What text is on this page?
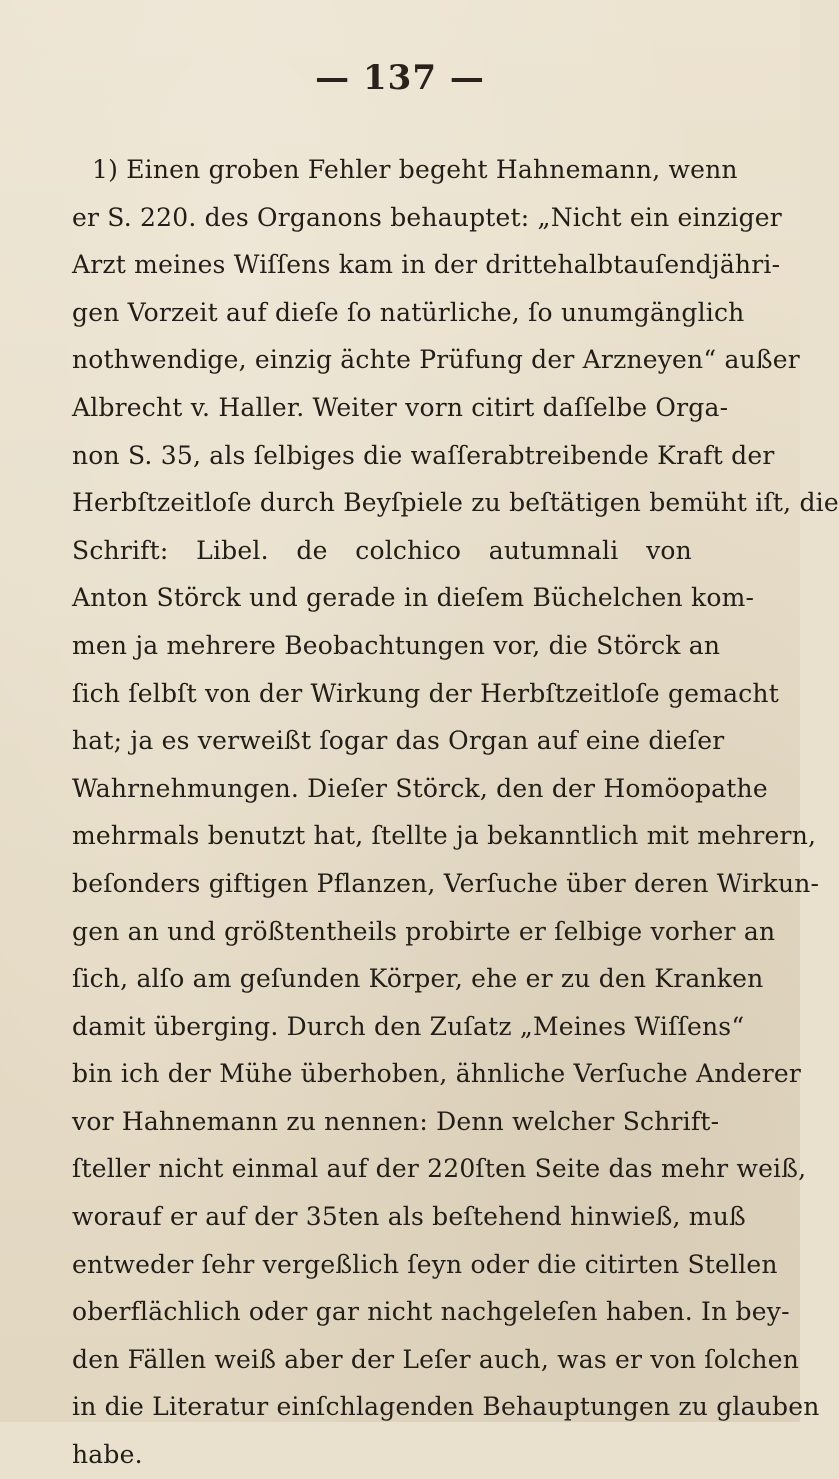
— 137 —
1) Einen groben Fehler begeht Hahnemann, wenn
er S. 220. des Organons behauptet: „Nicht ein einziger
Arzt meines Wiſſens kam in der drittehalbtauſendjähri-
gen Vorzeit auf dieſe ſo natürliche, ſo unumgänglich
nothwendige, einzig ächte Prüfung der Arzneyen“ außer
Albrecht v. Haller. Weiter vorn citirt daſſelbe Orga-
non S. 35, als ſelbiges die waſſerabtreibende Kraft der
Herbſtzeitloſe durch Beyſpiele zu beſtätigen bemüht iſt, die
Schrift: Libel. de colchico autumnali von
Anton Störck und gerade in dieſem Büchelchen kom-
men ja mehrere Beobachtungen vor, die Störck an
ſich ſelbſt von der Wirkung der Herbſtzeitloſe gemacht
hat; ja es verweißt ſogar das Organ auf eine dieſer
Wahrnehmungen. Dieſer Störck, den der Homöopathe
mehrmals benutzt hat, ſtellte ja bekanntlich mit mehrern,
beſonders giftigen Pflanzen, Verſuche über deren Wirkun-
gen an und größtentheils probirte er ſelbige vorher an
ſich, alſo am geſunden Körper, ehe er zu den Kranken
damit überging. Durch den Zuſatz „Meines Wiſſens“
bin ich der Mühe überhoben, ähnliche Verſuche Anderer
vor Hahnemann zu nennen: Denn welcher Schrift-
ſteller nicht einmal auf der 220ſten Seite das mehr weiß,
worauf er auf der 35ten als beſtehend hinwieß, muß
entweder ſehr vergeßlich ſeyn oder die citirten Stellen
oberflächlich oder gar nicht nachgeleſen haben. In bey-
den Fällen weiß aber der Leſer auch, was er von ſolchen
in die Literatur einſchlagenden Behauptungen zu glauben
habe.
